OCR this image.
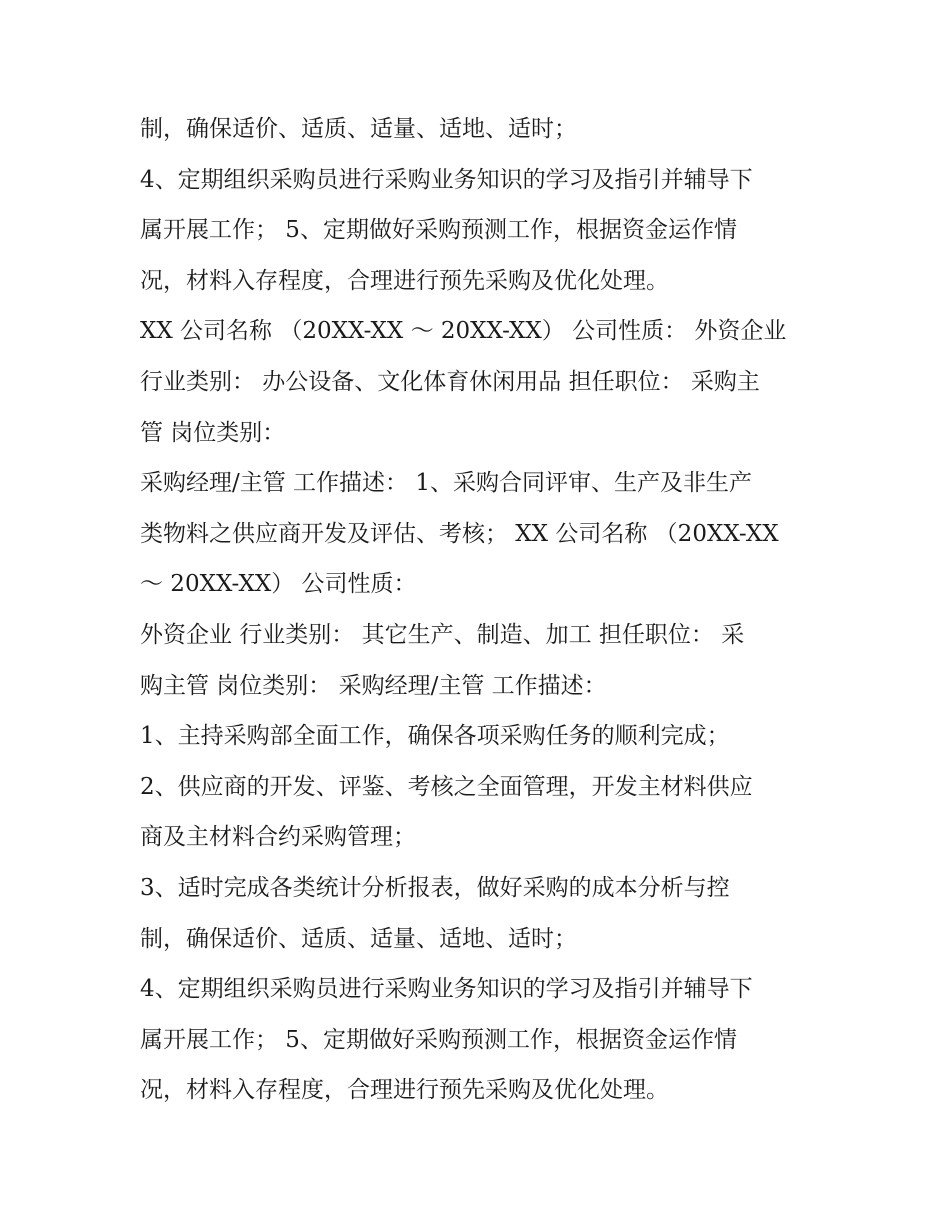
制，确保适价、适质、适量、适地、适时；
4、定期组织采购员进行采购业务知识的学习及指引并辅导下
属开展工作； 5、定期做好采购预测工作，根据资金运作情
况，材料入存程度，合理进行预先采购及优化处理。
XX 公司名称 （20XX-XX ～ 20XX-XX） 公司性质： 外资企业
行业类别： 办公设备、文化体育休闲用品 担任职位： 采购主
管 岗位类别：
采购经理/主管 工作描述： 1、采购合同评审、生产及非生产
类物料之供应商开发及评估、考核； XX 公司名称 （20XX-XX
～ 20XX-XX） 公司性质：
外资企业 行业类别： 其它生产、制造、加工 担任职位： 采
购主管 岗位类别： 采购经理/主管 工作描述：
1、主持采购部全面工作，确保各项采购任务的顺利完成；
2、供应商的开发、评鉴、考核之全面管理，开发主材料供应
商及主材料合约采购管理；
3、适时完成各类统计分析报表，做好采购的成本分析与控
制，确保适价、适质、适量、适地、适时；
4、定期组织采购员进行采购业务知识的学习及指引并辅导下
属开展工作； 5、定期做好采购预测工作，根据资金运作情
况，材料入存程度，合理进行预先采购及优化处理。
